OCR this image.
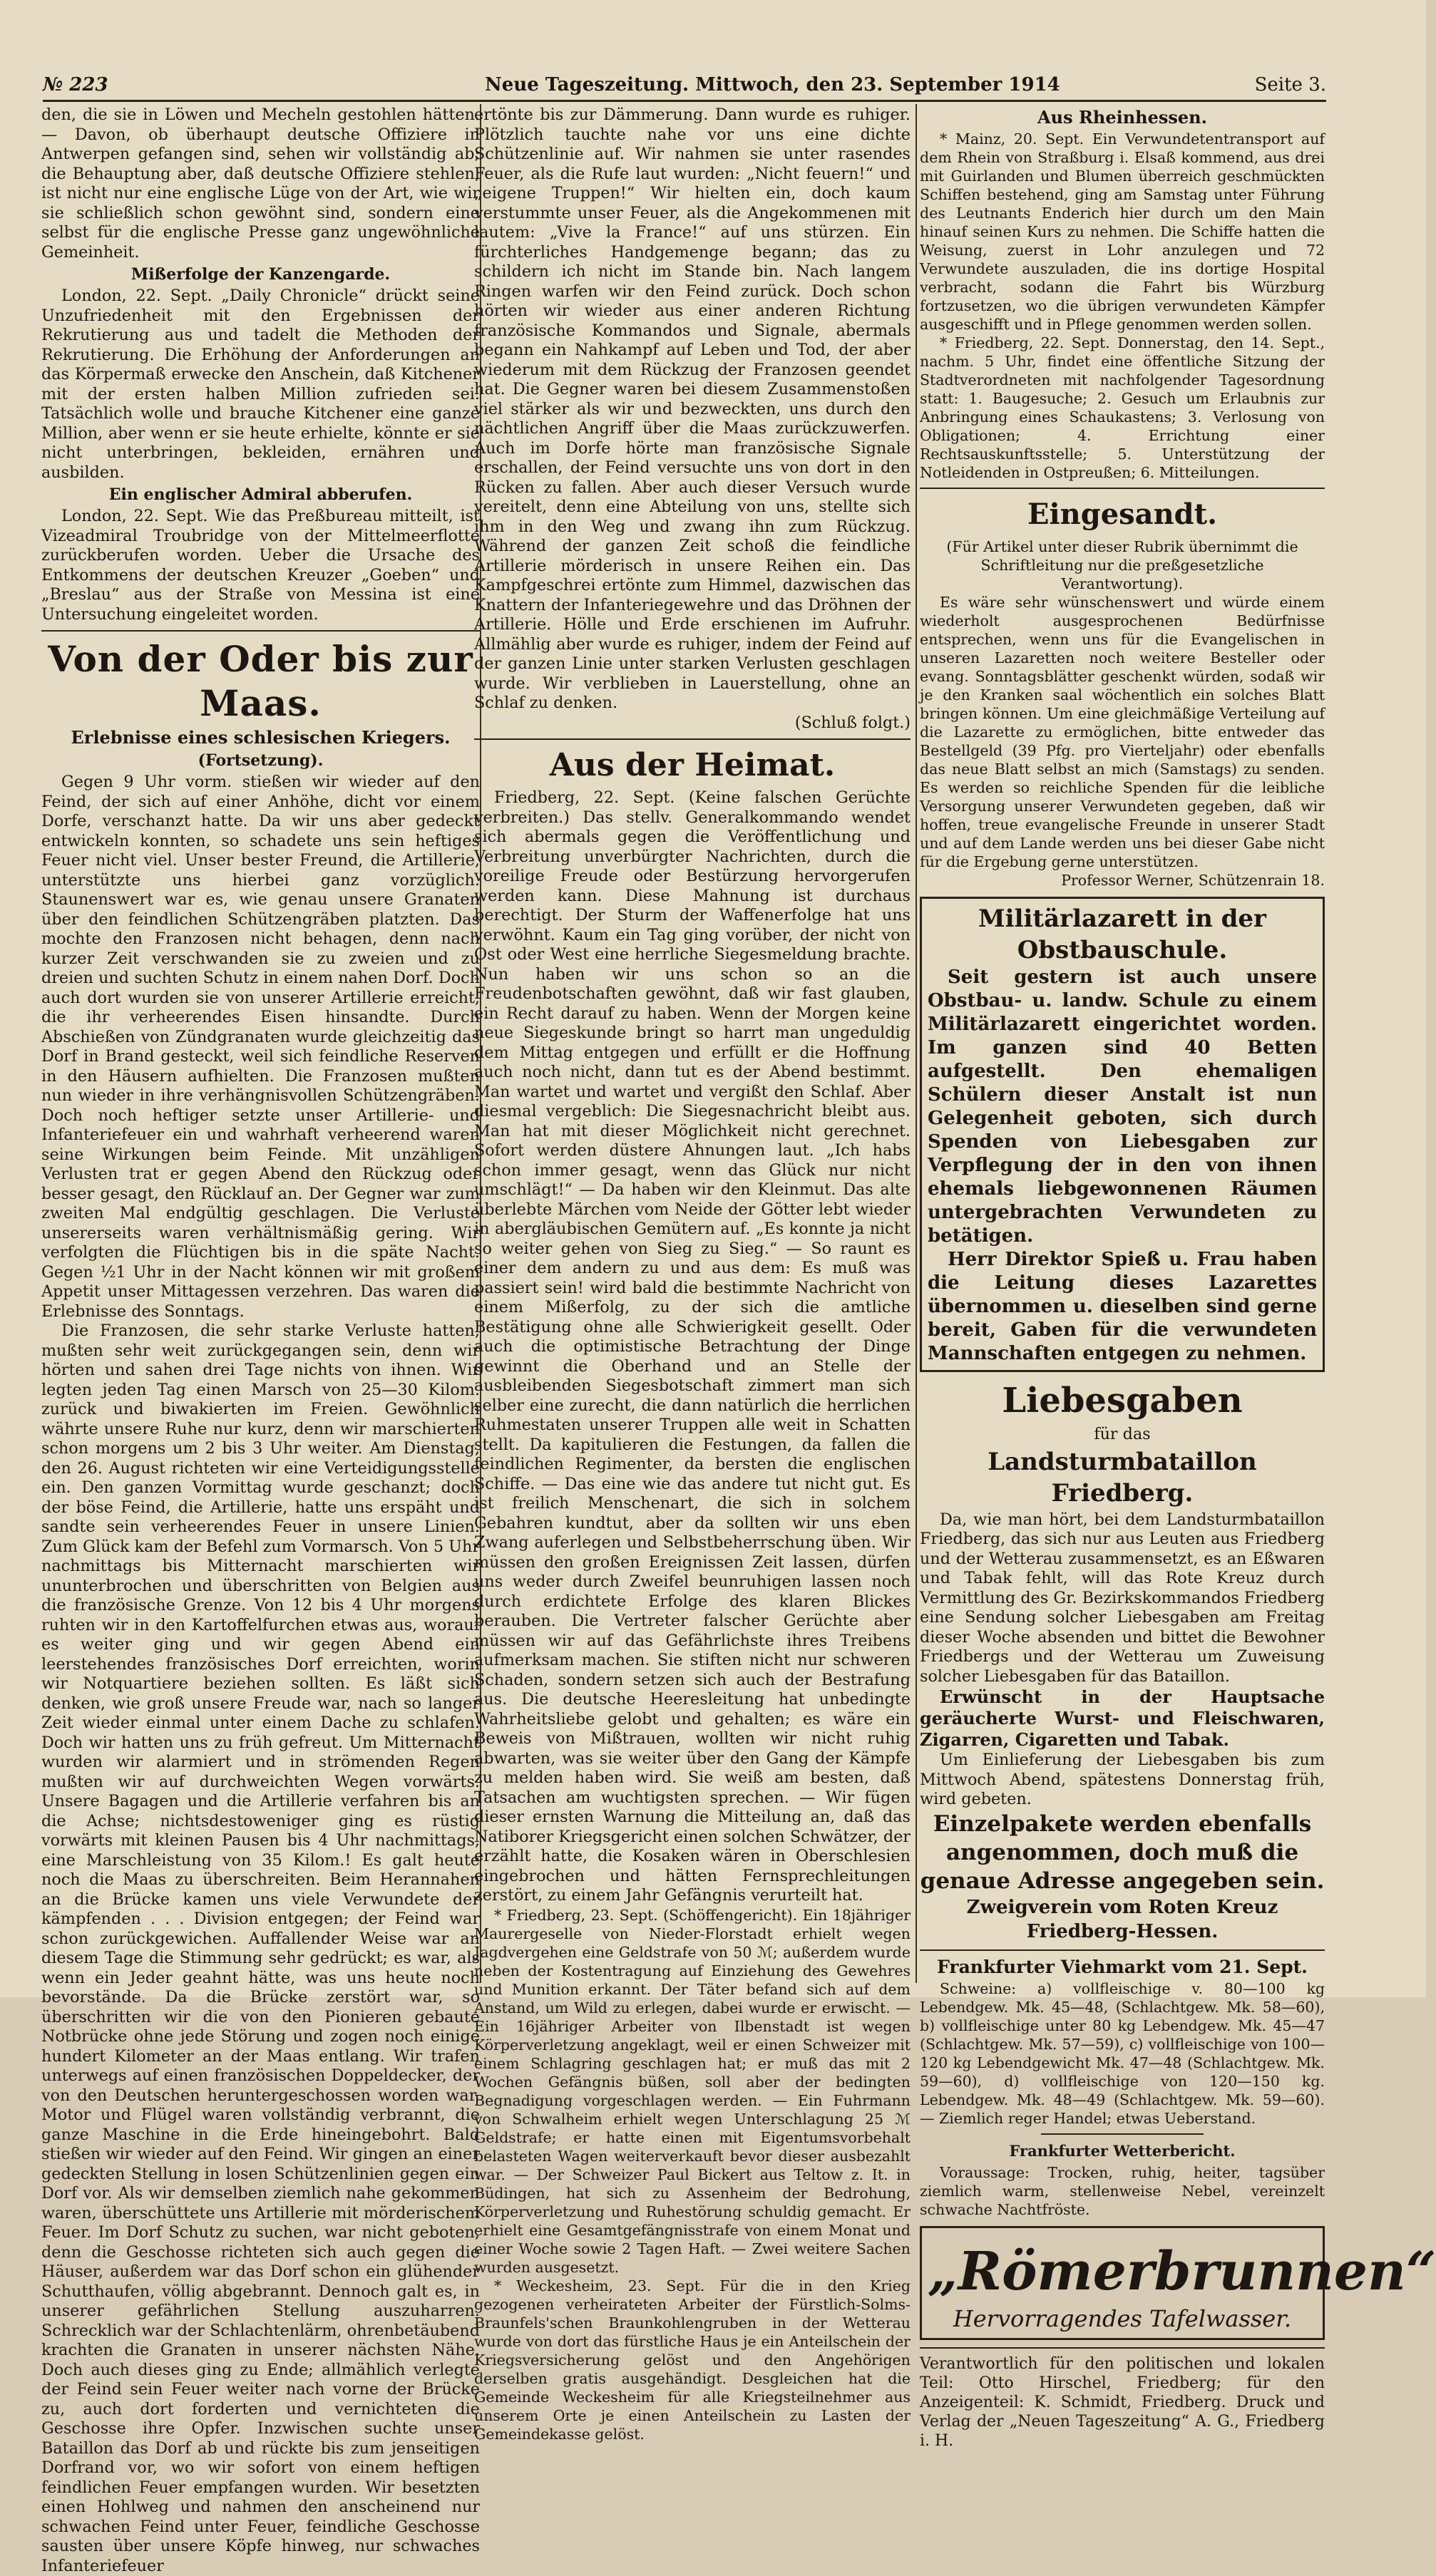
№ 223	Neue Tageszeitung. Mittwoch, den 23. September 1914	Seite 3.

den, die sie in Löwen und Mecheln gestohlen hätten. — Davon, ob überhaupt deutsche Offiziere in Antwerpen gefangen sind, sehen wir vollständig ab; die Behauptung aber, daß deutsche Offiziere stehlen, ist nicht nur eine englische Lüge von der Art, wie wir sie schließlich schon gewöhnt sind, sondern eine selbst für die englische Presse ganz ungewöhnliche Gemeinheit.

Mißerfolge der Kanzengarde.

London, 22. Sept. „Daily Chronicle“ drückt seine Unzufriedenheit mit den Ergebnissen der Rekrutierung aus und tadelt die Methoden der Rekrutierung. Die Erhöhung der Anforderungen an das Körpermaß erwecke den Anschein, daß Kitchener mit der ersten halben Million zufrieden sei. Tatsächlich wolle und brauche Kitchener eine ganze Million, aber wenn er sie heute erhielte, könnte er sie nicht unterbringen, bekleiden, ernähren und ausbilden.

Ein englischer Admiral abberufen.

London, 22. Sept. Wie das Preßbureau mitteilt, ist Vizeadmiral Troubridge von der Mittelmeerflotte zurückberufen worden. Ueber die Ursache des Entkommens der deutschen Kreuzer „Goeben“ und „Breslau“ aus der Straße von Messina ist eine Untersuchung eingeleitet worden.

Von der Oder bis zur Maas.

Erlebnisse eines schlesischen Kriegers.

(Fortsetzung).

Gegen 9 Uhr vorm. stießen wir wieder auf den Feind, der sich auf einer Anhöhe, dicht vor einem Dorfe, verschanzt hatte. Da wir uns aber gedeckt entwickeln konnten, so schadete uns sein heftiges Feuer nicht viel. Unser bester Freund, die Artillerie, unterstützte uns hierbei ganz vorzüglich. Staunenswert war es, wie genau unsere Granaten über den feindlichen Schützengräben platzten. Das mochte den Franzosen nicht behagen, denn nach kurzer Zeit verschwanden sie zu zweien und zu dreien und suchten Schutz in einem nahen Dorf. Doch auch dort wurden sie von unserer Artillerie erreicht, die ihr verheerendes Eisen hinsandte. Durch Abschießen von Zündgranaten wurde gleichzeitig das Dorf in Brand gesteckt, weil sich feindliche Reserven in den Häusern aufhielten. Die Franzosen mußten nun wieder in ihre verhängnisvollen Schützengräben. Doch noch heftiger setzte unser Artillerie- und Infanteriefeuer ein und wahrhaft verheerend waren seine Wirkungen beim Feinde. Mit unzähligen Verlusten trat er gegen Abend den Rückzug oder besser gesagt, den Rücklauf an. Der Gegner war zum zweiten Mal endgültig geschlagen. Die Verluste unsererseits waren verhältnismäßig gering. Wir verfolgten die Flüchtigen bis in die späte Nacht. Gegen ½1 Uhr in der Nacht können wir mit großem Appetit unser Mittagessen verzehren. Das waren die Erlebnisse des Sonntags.

Die Franzosen, die sehr starke Verluste hatten, mußten sehr weit zurückgegangen sein, denn wir hörten und sahen drei Tage nichts von ihnen. Wir legten jeden Tag einen Marsch von 25—30 Kilom. zurück und biwakierten im Freien. Gewöhnlich währte unsere Ruhe nur kurz, denn wir marschierten schon morgens um 2 bis 3 Uhr weiter. Am Dienstag, den 26. August richteten wir eine Verteidigungsstelle ein. Den ganzen Vormittag wurde geschanzt; doch der böse Feind, die Artillerie, hatte uns erspäht und sandte sein verheerendes Feuer in unsere Linien. Zum Glück kam der Befehl zum Vormarsch. Von 5 Uhr nachmittags bis Mitternacht marschierten wir ununterbrochen und überschritten von Belgien aus die französische Grenze. Von 12 bis 4 Uhr morgens ruhten wir in den Kartoffelfurchen etwas aus, worauf es weiter ging und wir gegen Abend ein leerstehendes französisches Dorf erreichten, worin wir Notquartiere beziehen sollten. Es läßt sich denken, wie groß unsere Freude war, nach so langer Zeit wieder einmal unter einem Dache zu schlafen. Doch wir hatten uns zu früh gefreut. Um Mitternacht wurden wir alarmiert und in strömenden Regen mußten wir auf durchweichten Wegen vorwärts. Unsere Bagagen und die Artillerie verfahren bis an die Achse; nichtsdestoweniger ging es rüstig vorwärts mit kleinen Pausen bis 4 Uhr nachmittags, eine Marschleistung von 35 Kilom.! Es galt heute noch die Maas zu überschreiten. Beim Herannahen an die Brücke kamen uns viele Verwundete der kämpfenden . . . Division entgegen; der Feind war schon zurückgewichen. Auffallender Weise war an diesem Tage die Stimmung sehr gedrückt; es war, als wenn ein Jeder geahnt hätte, was uns heute noch bevorstände. Da die Brücke zerstört war, so überschritten wir die von den Pionieren gebaute Notbrücke ohne jede Störung und zogen noch einige hundert Kilometer an der Maas entlang. Wir trafen unterwegs auf einen französischen Doppeldecker, der von den Deutschen heruntergeschossen worden war. Motor und Flügel waren vollständig verbrannt, die ganze Maschine in die Erde hineingebohrt. Bald stießen wir wieder auf den Feind. Wir gingen an einer gedeckten Stellung in losen Schützenlinien gegen ein Dorf vor. Als wir demselben ziemlich nahe gekommen waren, überschüttete uns Artillerie mit mörderischem Feuer. Im Dorf Schutz zu suchen, war nicht geboten, denn die Geschosse richteten sich auch gegen die Häuser, außerdem war das Dorf schon ein glühender Schutthaufen, völlig abgebrannt. Dennoch galt es, in unserer gefährlichen Stellung auszuharren. Schrecklich war der Schlachtenlärm, ohrenbetäubend krachten die Granaten in unserer nächsten Nähe. Doch auch dieses ging zu Ende; allmählich verlegte der Feind sein Feuer weiter nach vorne der Brücke zu, auch dort forderten und vernichteten die Geschosse ihre Opfer. Inzwischen suchte unser Bataillon das Dorf ab und rückte bis zum jenseitigen Dorfrand vor, wo wir sofort von einem heftigen feindlichen Feuer empfangen wurden. Wir besetzten einen Hohlweg und nahmen den anscheinend nur schwachen Feind unter Feuer, feindliche Geschosse sausten über unsere Köpfe hinweg, nur schwaches Infanteriefeuer

ertönte bis zur Dämmerung. Dann wurde es ruhiger. Plötzlich tauchte nahe vor uns eine dichte Schützenlinie auf. Wir nahmen sie unter rasendes Feuer, als die Rufe laut wurden: „Nicht feuern!“ und „eigene Truppen!“ Wir hielten ein, doch kaum verstummte unser Feuer, als die Angekommenen mit lautem: „Vive la France!“ auf uns stürzen. Ein fürchterliches Handgemenge begann; das zu schildern ich nicht im Stande bin. Nach langem Ringen warfen wir den Feind zurück. Doch schon hörten wir wieder aus einer anderen Richtung französische Kommandos und Signale, abermals begann ein Nahkampf auf Leben und Tod, der aber wiederum mit dem Rückzug der Franzosen geendet hat. Die Gegner waren bei diesem Zusammenstoßen viel stärker als wir und bezweckten, uns durch den nächtlichen Angriff über die Maas zurückzuwerfen. Auch im Dorfe hörte man französische Signale erschallen, der Feind versuchte uns von dort in den Rücken zu fallen. Aber auch dieser Versuch wurde vereitelt, denn eine Abteilung von uns, stellte sich ihm in den Weg und zwang ihn zum Rückzug. Während der ganzen Zeit schoß die feindliche Artillerie mörderisch in unsere Reihen ein. Das Kampfgeschrei ertönte zum Himmel, dazwischen das Knattern der Infanteriegewehre und das Dröhnen der Artillerie. Hölle und Erde erschienen im Aufruhr. Allmählig aber wurde es ruhiger, indem der Feind auf der ganzen Linie unter starken Verlusten geschlagen wurde. Wir verblieben in Lauerstellung, ohne an Schlaf zu denken.

(Schluß folgt.)

Aus der Heimat.

Friedberg, 22. Sept. (Keine falschen Gerüchte verbreiten.) Das stellv. Generalkommando wendet sich abermals gegen die Veröffentlichung und Verbreitung unverbürgter Nachrichten, durch die voreilige Freude oder Bestürzung hervorgerufen werden kann. Diese Mahnung ist durchaus berechtigt. Der Sturm der Waffenerfolge hat uns verwöhnt. Kaum ein Tag ging vorüber, der nicht von Ost oder West eine herrliche Siegesmeldung brachte. Nun haben wir uns schon so an die Freudenbotschaften gewöhnt, daß wir fast glauben, ein Recht darauf zu haben. Wenn der Morgen keine neue Siegeskunde bringt so harrt man ungeduldig dem Mittag entgegen und erfüllt er die Hoffnung auch noch nicht, dann tut es der Abend bestimmt. Man wartet und wartet und vergißt den Schlaf. Aber diesmal vergeblich: Die Siegesnachricht bleibt aus. Man hat mit dieser Möglichkeit nicht gerechnet. Sofort werden düstere Ahnungen laut. „Ich habs schon immer gesagt, wenn das Glück nur nicht umschlägt!“ — Da haben wir den Kleinmut. Das alte überlebte Märchen vom Neide der Götter lebt wieder in abergläubischen Gemütern auf. „Es konnte ja nicht so weiter gehen von Sieg zu Sieg.“ — So raunt es einer dem andern zu und aus dem: Es muß was passiert sein! wird bald die bestimmte Nachricht von einem Mißerfolg, zu der sich die amtliche Bestätigung ohne alle Schwierigkeit gesellt. Oder auch die optimistische Betrachtung der Dinge gewinnt die Oberhand und an Stelle der ausbleibenden Siegesbotschaft zimmert man sich selber eine zurecht, die dann natürlich die herrlichen Ruhmestaten unserer Truppen alle weit in Schatten stellt. Da kapitulieren die Festungen, da fallen die feindlichen Regimenter, da bersten die englischen Schiffe. — Das eine wie das andere tut nicht gut. Es ist freilich Menschenart, die sich in solchem Gebahren kundtut, aber da sollten wir uns eben Zwang auferlegen und Selbstbeherrschung üben. Wir müssen den großen Ereignissen Zeit lassen, dürfen uns weder durch Zweifel beunruhigen lassen noch durch erdichtete Erfolge des klaren Blickes berauben. Die Vertreter falscher Gerüchte aber müssen wir auf das Gefährlichste ihres Treibens aufmerksam machen. Sie stiften nicht nur schweren Schaden, sondern setzen sich auch der Bestrafung aus. Die deutsche Heeresleitung hat unbedingte Wahrheitsliebe gelobt und gehalten; es wäre ein Beweis von Mißtrauen, wollten wir nicht ruhig abwarten, was sie weiter über den Gang der Kämpfe zu melden haben wird. Sie weiß am besten, daß Tatsachen am wuchtigsten sprechen. — Wir fügen dieser ernsten Warnung die Mitteilung an, daß das Natiborer Kriegsgericht einen solchen Schwätzer, der erzählt hatte, die Kosaken wären in Oberschlesien eingebrochen und hätten Fernsprechleitungen zerstört, zu einem Jahr Gefängnis verurteilt hat.

* Friedberg, 23. Sept. (Schöffengericht). Ein 18jähriger Maurergeselle von Nieder-Florstadt erhielt wegen Jagdvergehen eine Geldstrafe von 50 ℳ; außerdem wurde neben der Kostentragung auf Einziehung des Gewehres und Munition erkannt. Der Täter befand sich auf dem Anstand, um Wild zu erlegen, dabei wurde er erwischt. — Ein 16jähriger Arbeiter von Ilbenstadt ist wegen Körperverletzung angeklagt, weil er einen Schweizer mit einem Schlagring geschlagen hat; er muß das mit 2 Wochen Gefängnis büßen, soll aber der bedingten Begnadigung vorgeschlagen werden. — Ein Fuhrmann von Schwalheim erhielt wegen Unterschlagung 25 ℳ Geldstrafe; er hatte einen mit Eigentumsvorbehalt belasteten Wagen weiterverkauft bevor dieser ausbezahlt war. — Der Schweizer Paul Bickert aus Teltow z. It. in Büdingen, hat sich zu Assenheim der Bedrohung, Körperverletzung und Ruhestörung schuldig gemacht. Er erhielt eine Gesamtgefängnisstrafe von einem Monat und einer Woche sowie 2 Tagen Haft. — Zwei weitere Sachen wurden ausgesetzt.

* Weckesheim, 23. Sept. Für die in den Krieg gezogenen verheirateten Arbeiter der Fürstlich-Solms-Braunfels'schen Braunkohlengruben in der Wetterau wurde von dort das fürstliche Haus je ein Anteilschein der Kriegsversicherung gelöst und den Angehörigen derselben gratis ausgehändigt. Desgleichen hat die Gemeinde Weckesheim für alle Kriegsteilnehmer aus unserem Orte je einen Anteilschein zu Lasten der Gemeindekasse gelöst.

Aus Rheinhessen.

* Mainz, 20. Sept. Ein Verwundetentransport auf dem Rhein von Straßburg i. Elsaß kommend, aus drei mit Guirlanden und Blumen überreich geschmückten Schiffen bestehend, ging am Samstag unter Führung des Leutnants Enderich hier durch um den Main hinauf seinen Kurs zu nehmen. Die Schiffe hatten die Weisung, zuerst in Lohr anzulegen und 72 Verwundete auszuladen, die ins dortige Hospital verbracht, sodann die Fahrt bis Würzburg fortzusetzen, wo die übrigen verwundeten Kämpfer ausgeschifft und in Pflege genommen werden sollen.

* Friedberg, 22. Sept. Donnerstag, den 14. Sept., nachm. 5 Uhr, findet eine öffentliche Sitzung der Stadtverordneten mit nachfolgender Tagesordnung statt: 1. Baugesuche; 2. Gesuch um Erlaubnis zur Anbringung eines Schaukastens; 3. Verlosung von Obligationen; 4. Errichtung einer Rechtsauskunftsstelle; 5. Unterstützung der Notleidenden in Ostpreußen; 6. Mitteilungen.

Eingesandt.

(Für Artikel unter dieser Rubrik übernimmt die Schriftleitung nur die preßgesetzliche Verantwortung).

Es wäre sehr wünschenswert und würde einem wiederholt ausgesprochenen Bedürfnisse entsprechen, wenn uns für die Evangelischen in unseren Lazaretten noch weitere Besteller oder evang. Sonntagsblätter geschenkt würden, sodaß wir je den Kranken saal wöchentlich ein solches Blatt bringen können. Um eine gleichmäßige Verteilung auf die Lazarette zu ermöglichen, bitte entweder das Bestellgeld (39 Pfg. pro Vierteljahr) oder ebenfalls das neue Blatt selbst an mich (Samstags) zu senden. Es werden so reichliche Spenden für die leibliche Versorgung unserer Verwundeten gegeben, daß wir hoffen, treue evangelische Freunde in unserer Stadt und auf dem Lande werden uns bei dieser Gabe nicht für die Ergebung gerne unterstützen.

Professor Werner, Schützenrain 18.

Militärlazarett in der Obstbauschule.

Seit gestern ist auch unsere Obstbau- u. landw. Schule zu einem Militärlazarett eingerichtet worden. Im ganzen sind 40 Betten aufgestellt. Den ehemaligen Schülern dieser Anstalt ist nun Gelegenheit geboten, sich durch Spenden von Liebesgaben zur Verpflegung der in den von ihnen ehemals liebgewonnenen Räumen untergebrachten Verwundeten zu betätigen.

Herr Direktor Spieß u. Frau haben die Leitung dieses Lazarettes übernommen u. dieselben sind gerne bereit, Gaben für die verwundeten Mannschaften entgegen zu nehmen.

Liebesgaben

für das

Landsturmbataillon Friedberg.

Da, wie man hört, bei dem Landsturmbataillon Friedberg, das sich nur aus Leuten aus Friedberg und der Wetterau zusammensetzt, es an Eßwaren und Tabak fehlt, will das Rote Kreuz durch Vermittlung des Gr. Bezirkskommandos Friedberg eine Sendung solcher Liebesgaben am Freitag dieser Woche absenden und bittet die Bewohner Friedbergs und der Wetterau um Zuweisung solcher Liebesgaben für das Bataillon.

Erwünscht in der Hauptsache geräucherte Wurst- und Fleischwaren, Zigarren, Cigaretten und Tabak.

Um Einlieferung der Liebesgaben bis zum Mittwoch Abend, spätestens Donnerstag früh, wird gebeten.

Einzelpakete werden ebenfalls angenommen, doch muß die genaue Adresse angegeben sein.

Zweigverein vom Roten Kreuz

Friedberg-Hessen.

Frankfurter Viehmarkt vom 21. Sept.

Schweine: a) vollfleischige v. 80—100 kg Lebendgew. Mk. 45—48, (Schlachtgew. Mk. 58—60), b) vollfleischige unter 80 kg Lebendgew. Mk. 45—47 (Schlachtgew. Mk. 57—59), c) vollfleischige von 100—120 kg Lebendgewicht Mk. 47—48 (Schlachtgew. Mk. 59—60), d) vollfleischige von 120—150 kg. Lebendgew. Mk. 48—49 (Schlachtgew. Mk. 59—60). — Ziemlich reger Handel; etwas Ueberstand.

Frankfurter Wetterbericht.

Voraussage: Trocken, ruhig, heiter, tagsüber ziemlich warm, stellenweise Nebel, vereinzelt schwache Nachtfröste.

„Römerbrunnen“

Hervorragendes Tafelwasser.

Verantwortlich für den politischen und lokalen Teil: Otto Hirschel, Friedberg; für den Anzeigenteil: K. Schmidt, Friedberg. Druck und Verlag der „Neuen Tageszeitung“ A. G., Friedberg i. H.
